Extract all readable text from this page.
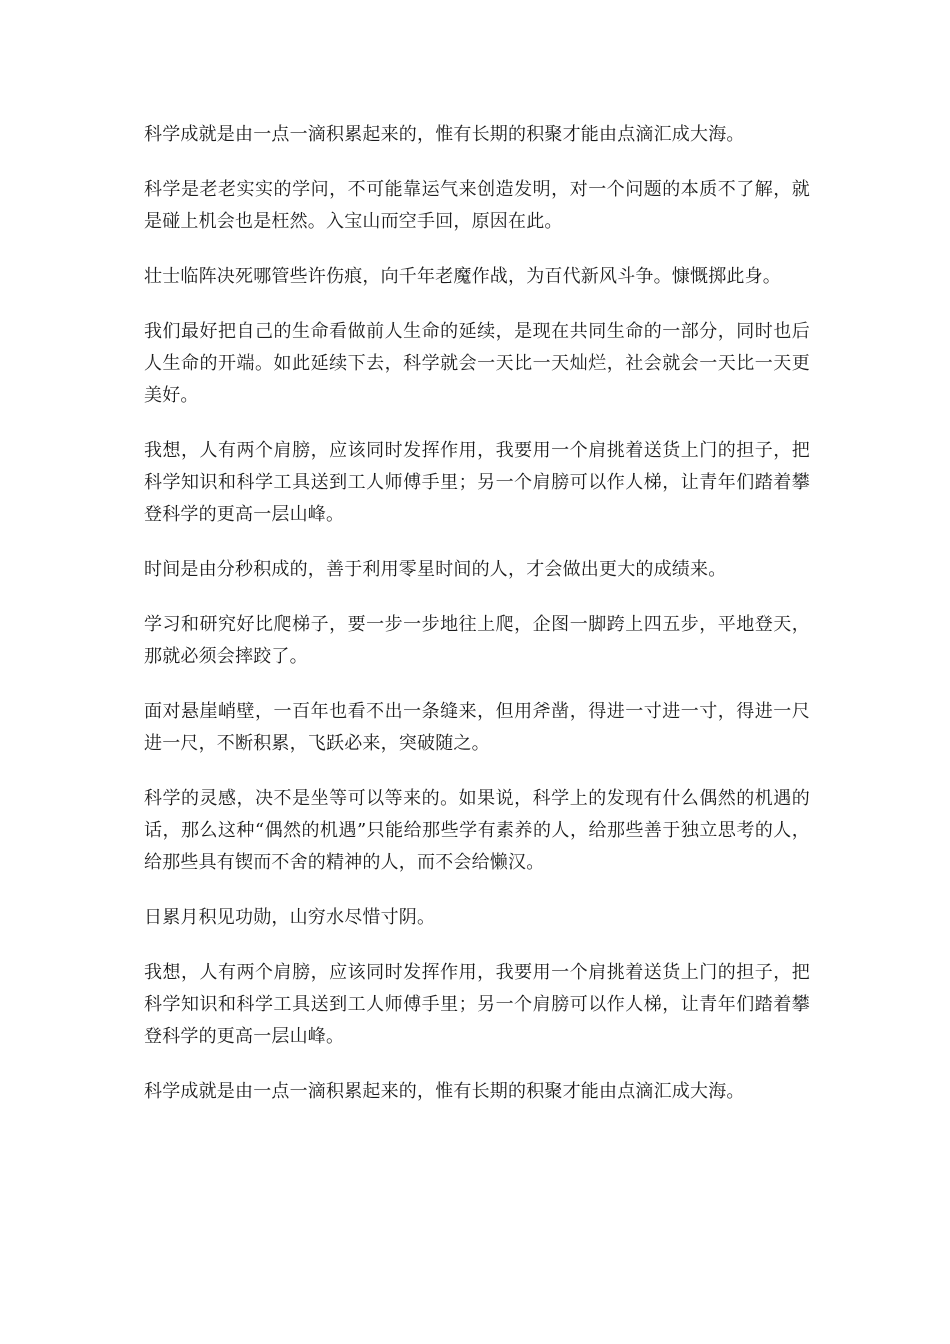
科学成就是由一点一滴积累起来的，惟有长期的积聚才能由点滴汇成大海。

科学是老老实实的学问，不可能靠运气来创造发明，对一个问题的本质不了解，就是碰上机会也是枉然。入宝山而空手回，原因在此。

壮士临阵决死哪管些许伤痕，向千年老魔作战，为百代新风斗争。慷慨掷此身。

我们最好把自己的生命看做前人生命的延续，是现在共同生命的一部分，同时也后人生命的开端。如此延续下去，科学就会一天比一天灿烂，社会就会一天比一天更美好。

我想，人有两个肩膀，应该同时发挥作用，我要用一个肩挑着送货上门的担子，把科学知识和科学工具送到工人师傅手里；另一个肩膀可以作人梯，让青年们踏着攀登科学的更高一层山峰。

时间是由分秒积成的，善于利用零星时间的人，才会做出更大的成绩来。

学习和研究好比爬梯子，要一步一步地往上爬，企图一脚跨上四五步，平地登天，那就必须会摔跤了。

面对悬崖峭壁，一百年也看不出一条缝来，但用斧凿，得进一寸进一寸，得进一尺进一尺，不断积累，飞跃必来，突破随之。

科学的灵感，决不是坐等可以等来的。如果说，科学上的发现有什么偶然的机遇的话，那么这种“偶然的机遇”只能给那些学有素养的人，给那些善于独立思考的人，给那些具有锲而不舍的精神的人，而不会给懒汉。

日累月积见功勋，山穷水尽惜寸阴。

我想，人有两个肩膀，应该同时发挥作用，我要用一个肩挑着送货上门的担子，把科学知识和科学工具送到工人师傅手里；另一个肩膀可以作人梯，让青年们踏着攀登科学的更高一层山峰。

科学成就是由一点一滴积累起来的，惟有长期的积聚才能由点滴汇成大海。
